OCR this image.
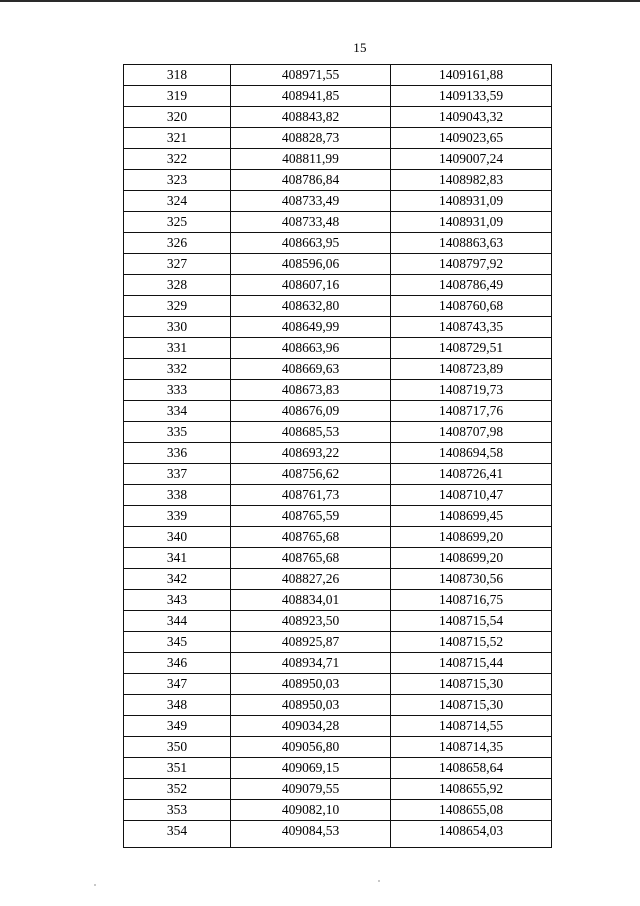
15
318	408971,55	1409161,88
319	408941,85	1409133,59
320	408843,82	1409043,32
321	408828,73	1409023,65
322	408811,99	1409007,24
323	408786,84	1408982,83
324	408733,49	1408931,09
325	408733,48	1408931,09
326	408663,95	1408863,63
327	408596,06	1408797,92
328	408607,16	1408786,49
329	408632,80	1408760,68
330	408649,99	1408743,35
331	408663,96	1408729,51
332	408669,63	1408723,89
333	408673,83	1408719,73
334	408676,09	1408717,76
335	408685,53	1408707,98
336	408693,22	1408694,58
337	408756,62	1408726,41
338	408761,73	1408710,47
339	408765,59	1408699,45
340	408765,68	1408699,20
341	408765,68	1408699,20
342	408827,26	1408730,56
343	408834,01	1408716,75
344	408923,50	1408715,54
345	408925,87	1408715,52
346	408934,71	1408715,44
347	408950,03	1408715,30
348	408950,03	1408715,30
349	409034,28	1408714,55
350	409056,80	1408714,35
351	409069,15	1408658,64
352	409079,55	1408655,92
353	409082,10	1408655,08
354	409084,53	1408654,03
